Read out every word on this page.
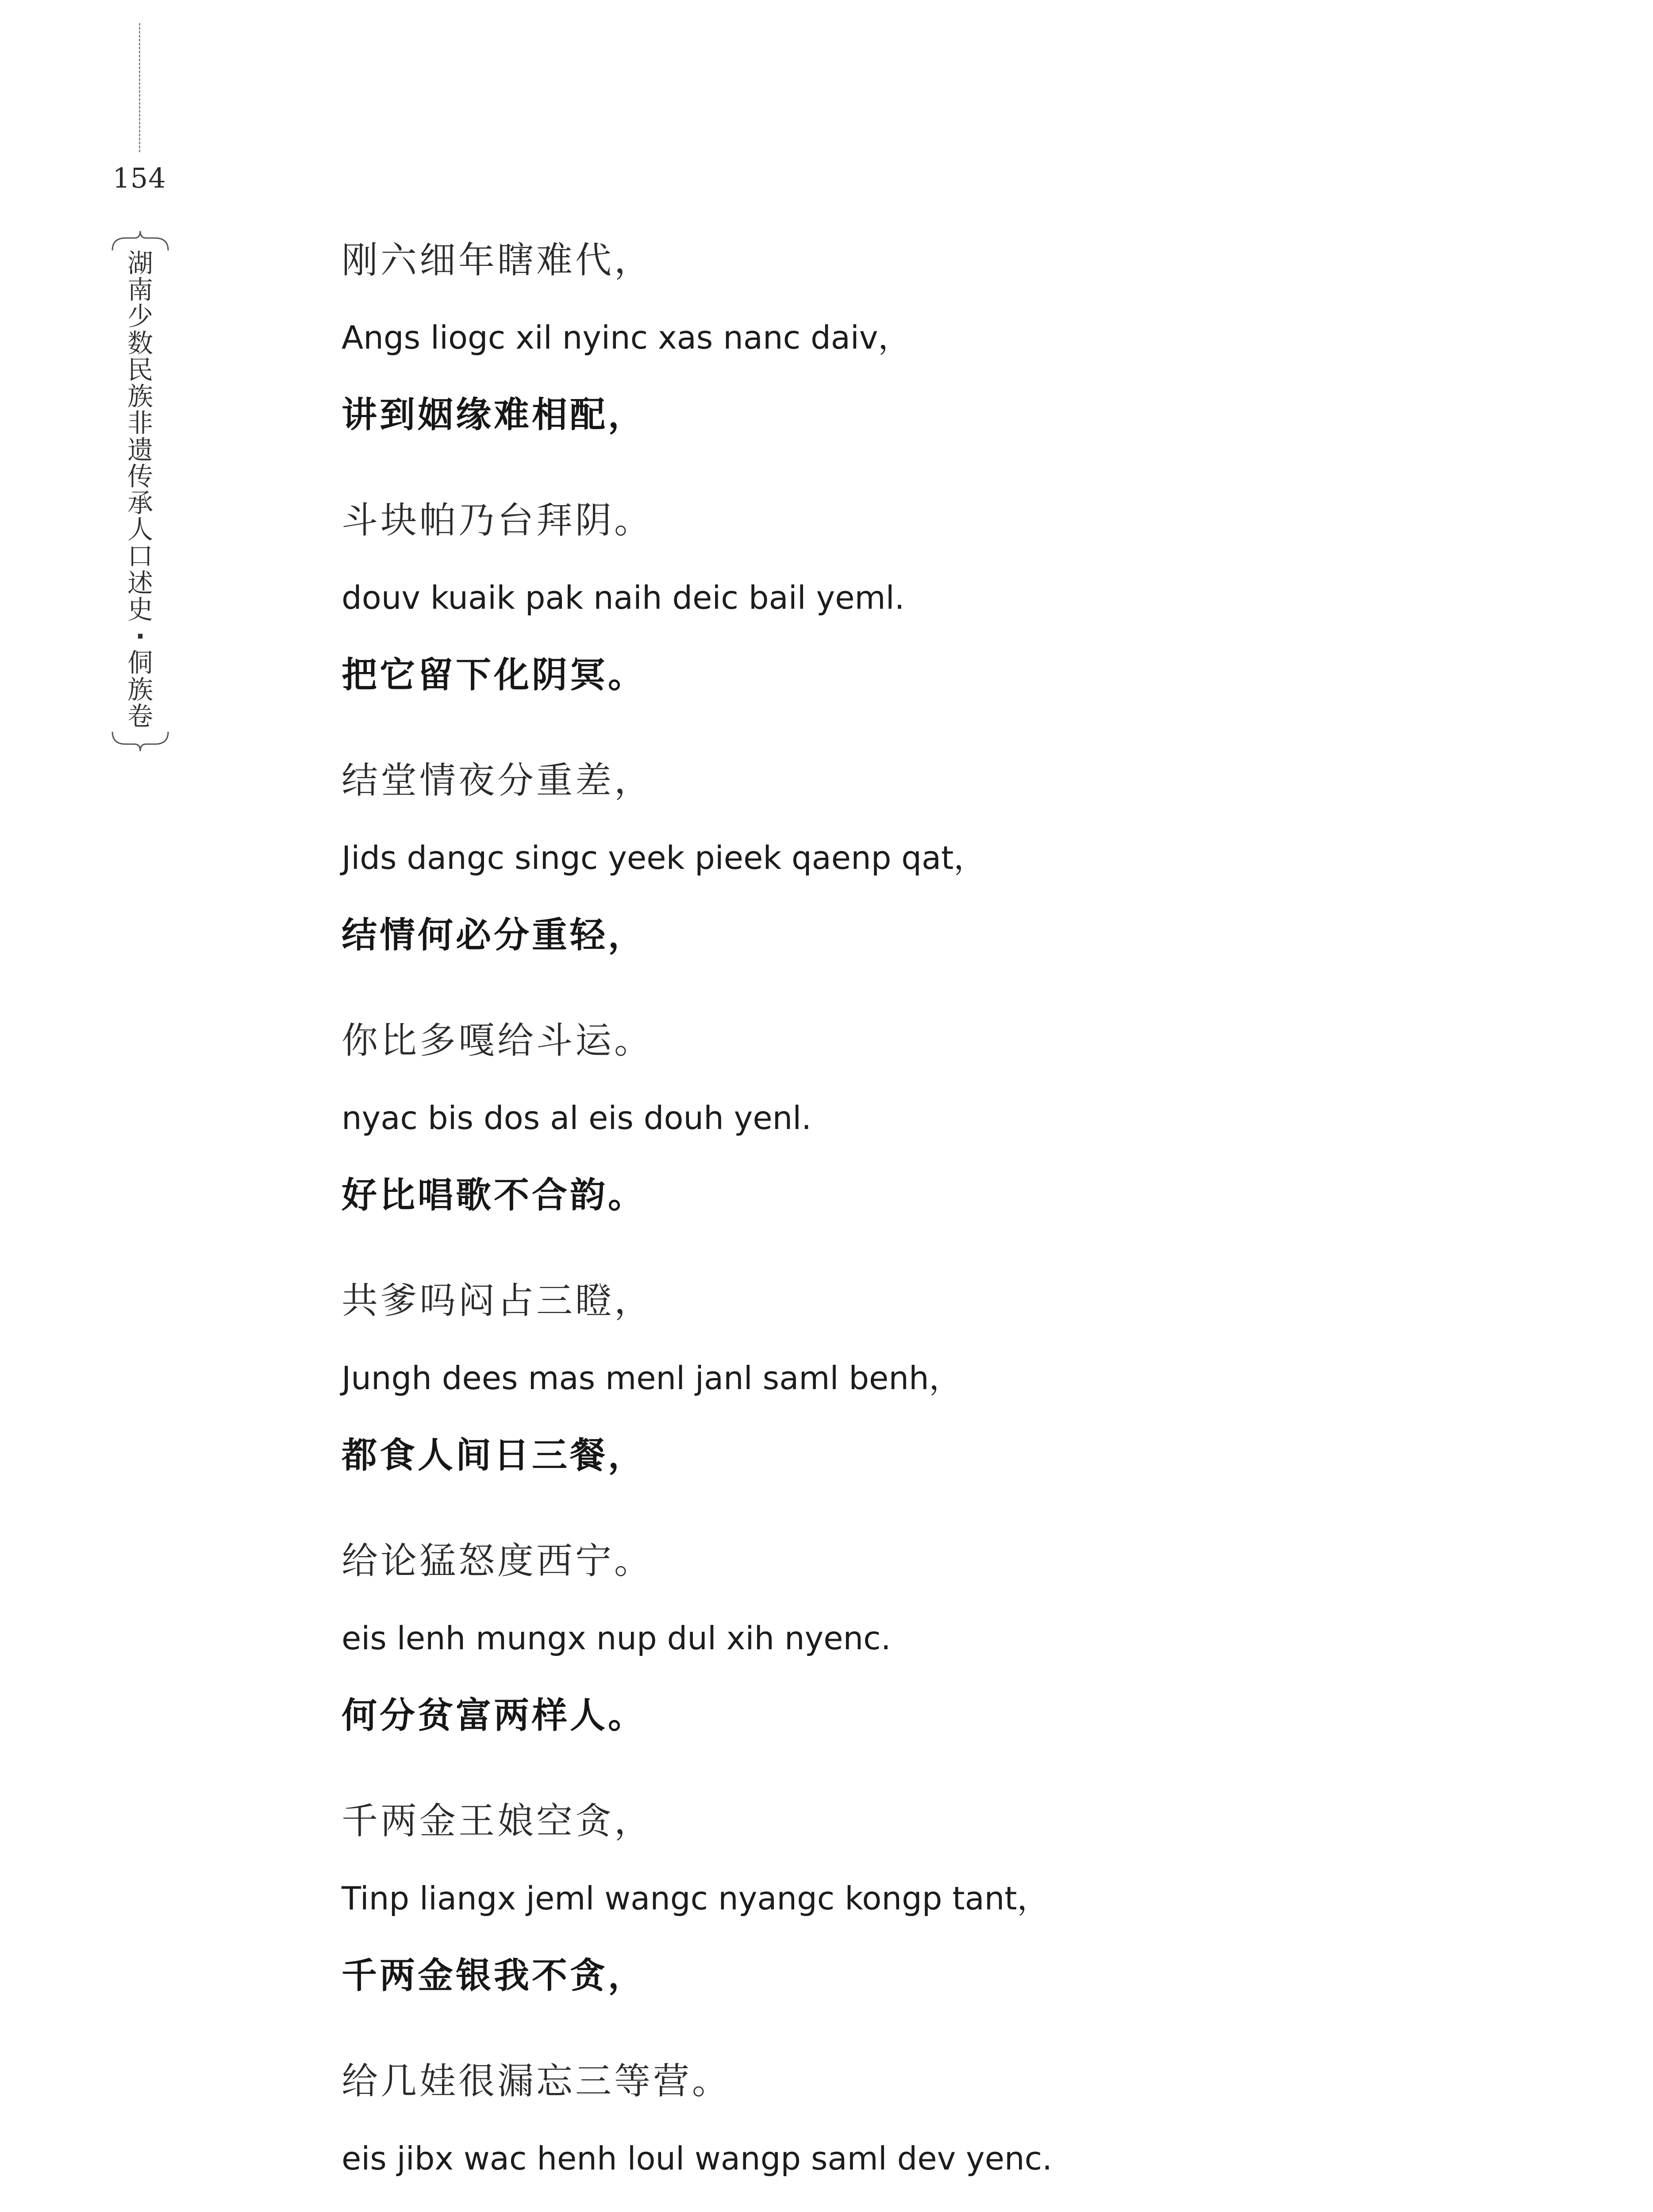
154
湖
南
少
数
民
族
非
遗
传
承
人
口
述
史
·
侗
族
卷
刚六细年瞎难代，
Angs liogc xil nyinc xas nanc daiv，
讲到姻缘难相配，
斗块帕乃台拜阴。
douv kuaik pak naih deic bail yeml.
把它留下化阴冥。
结堂情夜分重差，
Jids dangc singc yeek pieek qaenp qat，
结情何必分重轻，
你比多嘎给斗运。
nyac bis dos al eis douh yenl.
好比唱歌不合韵。
共爹吗闷占三瞪，
Jungh dees mas menl janl saml benh，
都食人间日三餐，
给论猛怒度西宁。
eis lenh mungx nup dul xih nyenc.
何分贫富两样人。
千两金王娘空贪，
Tinp liangx jeml wangc nyangc kongp tant，
千两金银我不贪，
给几娃很漏忘三等营。
eis jibx wac henh loul wangp saml dev yenc.
